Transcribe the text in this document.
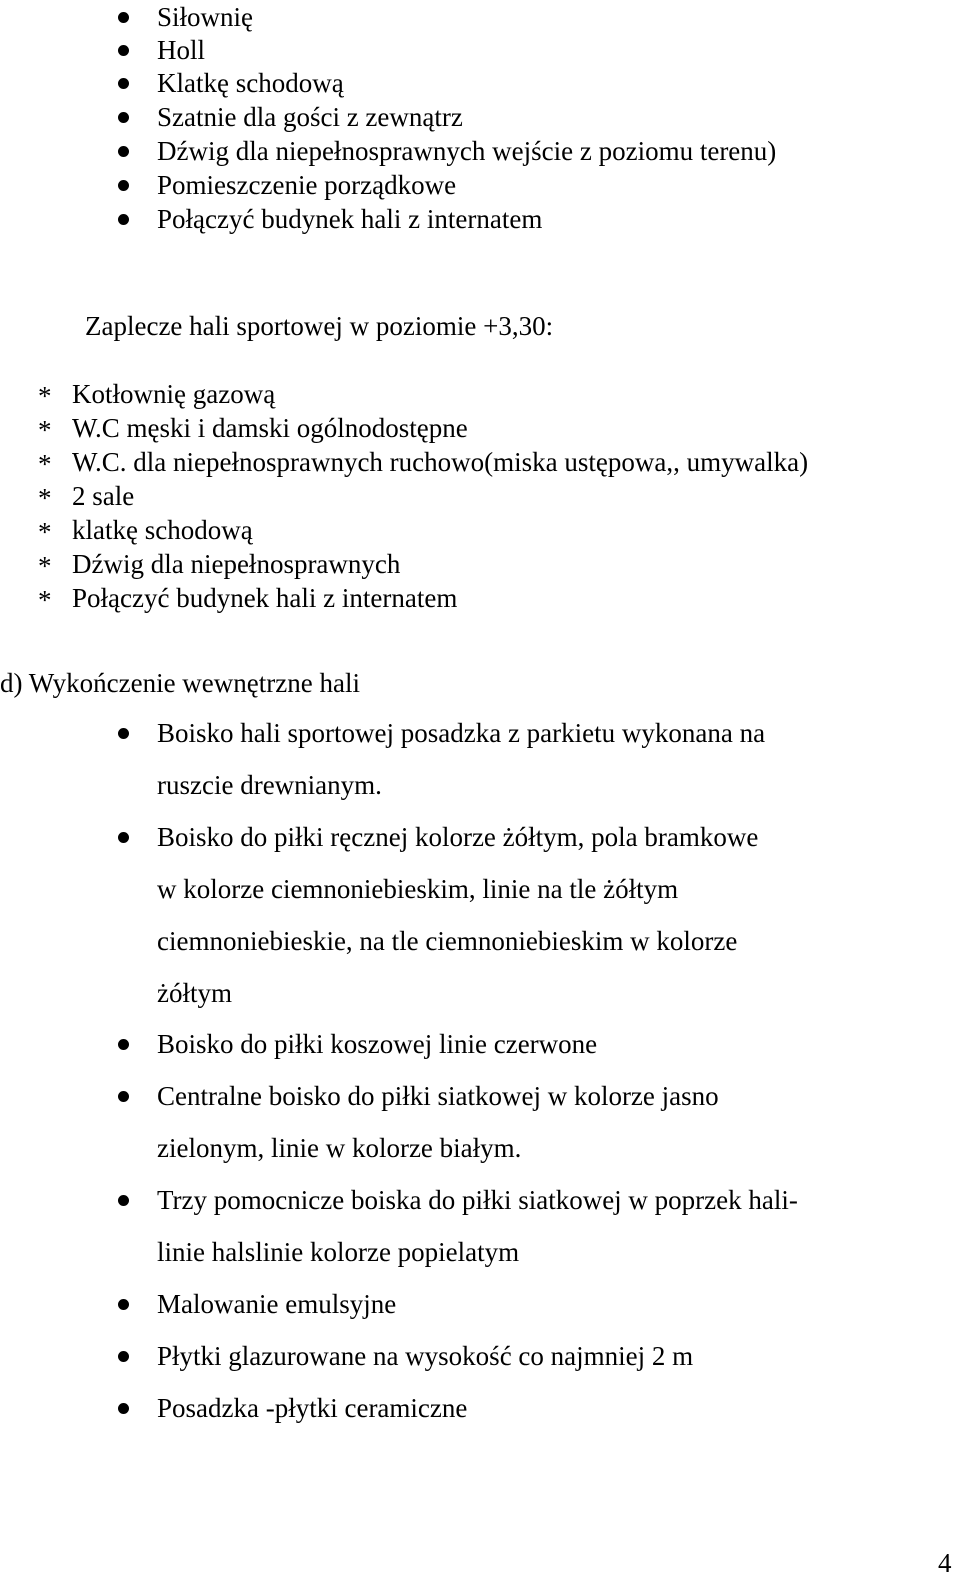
Siłownię
Holl
Klatkę schodową
Szatnie dla gości z zewnątrz
Dźwig dla niepełnosprawnych wejście z poziomu terenu)
Pomieszczenie porządkowe
Połączyć budynek hali z internatem
Zaplecze hali sportowej w poziomie +3,30:
* Kotłownię gazową
* W.C męski i damski ogólnodostępne
* W.C. dla niepełnosprawnych ruchowo(miska ustępowa,, umywalka)
* 2 sale
* klatkę schodową
* Dźwig dla niepełnosprawnych
* Połączyć budynek hali z internatem
d) Wykończenie wewnętrzne hali
Boisko hali sportowej posadzka z parkietu wykonana na
ruszcie drewnianym.
Boisko do piłki ręcznej kolorze żółtym, pola bramkowe
w kolorze ciemnoniebieskim, linie na tle żółtym
ciemnoniebieskie, na tle ciemnoniebieskim w kolorze
żółtym
Boisko do piłki koszowej linie czerwone
Centralne boisko do piłki siatkowej w kolorze jasno
zielonym, linie w kolorze białym.
Trzy pomocnicze boiska do piłki siatkowej w poprzek hali-
linie halslinie kolorze popielatym
Malowanie emulsyjne
Płytki glazurowane na wysokość co najmniej 2 m
Posadzka -płytki ceramiczne
4
